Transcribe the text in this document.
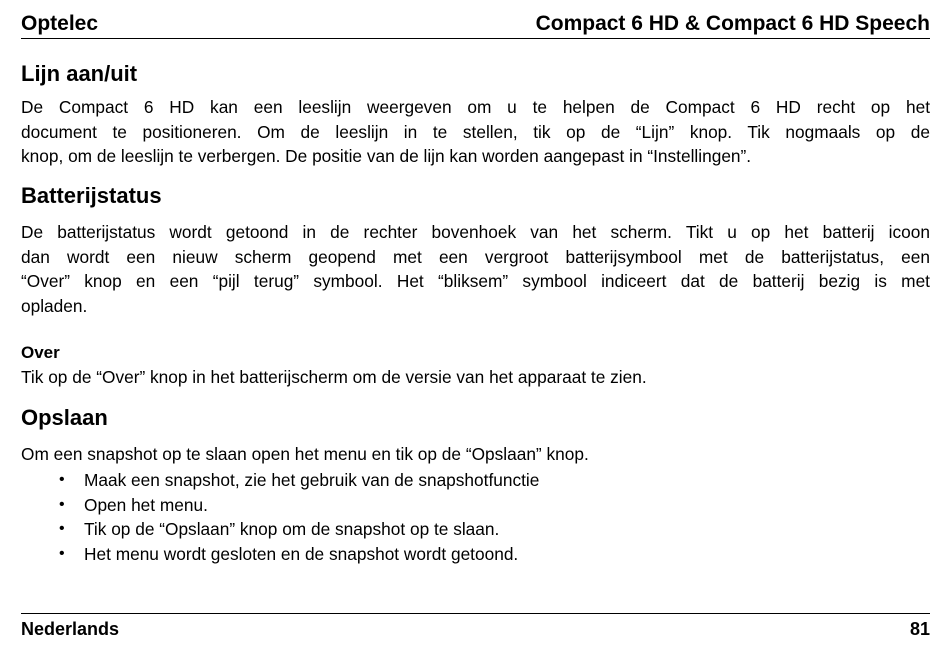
Optelec	Compact 6 HD & Compact 6 HD Speech
Lijn aan/uit
De Compact 6 HD kan een leeslijn weergeven om u te helpen de Compact 6 HD recht op het
document te positioneren. Om de leeslijn in te stellen, tik op de “Lijn” knop. Tik nogmaals op de
knop, om de leeslijn te verbergen. De positie van de lijn kan worden aangepast in “Instellingen”.
Batterijstatus
De batterijstatus wordt getoond in de rechter bovenhoek van het scherm. Tikt u op het batterij icoon
dan wordt een nieuw scherm geopend met een vergroot batterijsymbool met de batterijstatus, een
“Over” knop en een “pijl terug” symbool. Het “bliksem” symbool indiceert dat de batterij bezig is met
opladen.
Over
Tik op de “Over” knop in het batterijscherm om de versie van het apparaat te zien.
Opslaan
Om een snapshot op te slaan open het menu en tik op de “Opslaan” knop.
• Maak een snapshot, zie het gebruik van de snapshotfunctie
• Open het menu.
• Tik op de “Opslaan” knop om de snapshot op te slaan.
• Het menu wordt gesloten en de snapshot wordt getoond.
Nederlands	81
